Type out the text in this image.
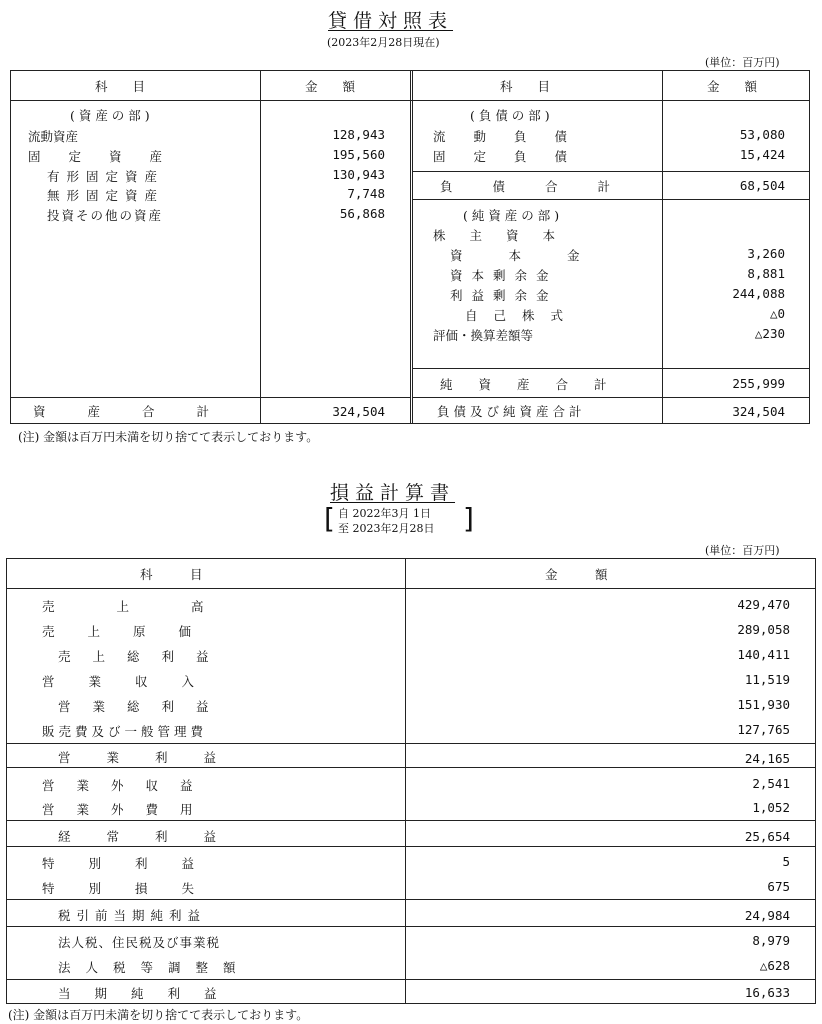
貸借対照表
(2023年2月28日現在)
(単位：百万円)
科　　目	金　　額	科　　目	金　　額
( 資 産 の 部 )
流動資産	128,943
固定資産	195,560
有形固定資産	130,943
無形固定資産	7,748
投資その他の資産	56,868
資産合計	324,504
( 負 債 の 部 )
流動負債	53,080
固定負債	15,424
負債合計	68,504
( 純 資 産 の 部 )
株主資本
資本金	3,260
資本剰余金	8,881
利益剰余金	244,088
自己株式	△0
評価・換算差額等	△230
純資産合計	255,999
負債及び純資産合計	324,504
(注) 金額は百万円未満を切り捨てて表示しております。
損益計算書
[ 自 2022年3月 1日
至 2023年2月28日 ]
(単位：百万円)
科　　　目	金　　　額
売上高	429,470
売上原価	289,058
売上総利益	140,411
営業収入	11,519
営業総利益	151,930
販売費及び一般管理費	127,765
営業利益	24,165
営業外収益	2,541
営業外費用	1,052
経常利益	25,654
特別利益	5
特別損失	675
税引前当期純利益	24,984
法人税、住民税及び事業税	8,979
法人税等調整額	△628
当期純利益	16,633
(注) 金額は百万円未満を切り捨てて表示しております。
